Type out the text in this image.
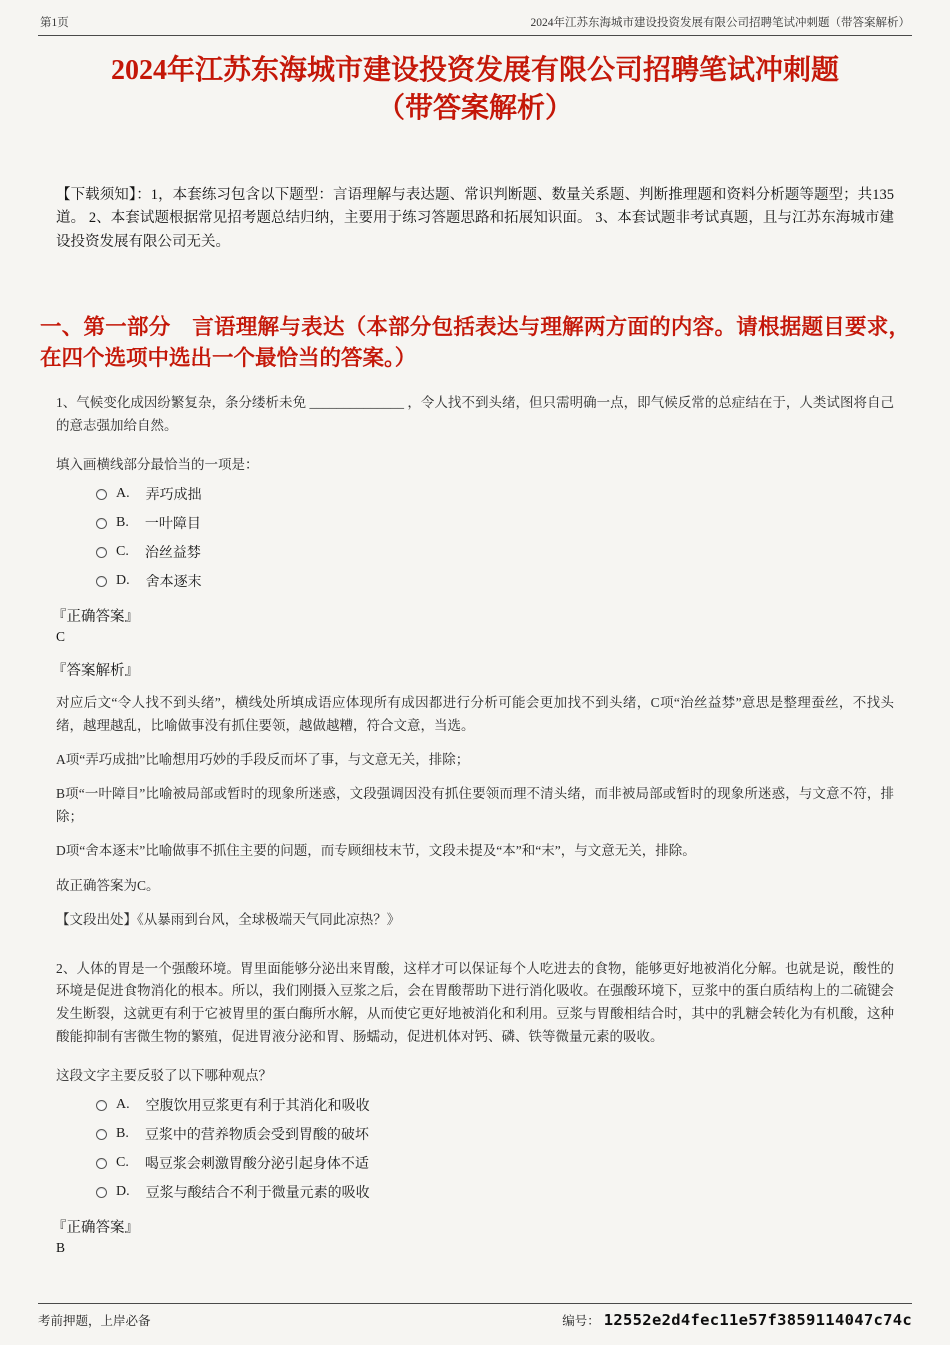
第1页	2024年江苏东海城市建设投资发展有限公司招聘笔试冲刺题（带答案解析）
2024年江苏东海城市建设投资发展有限公司招聘笔试冲刺题
（带答案解析）

【下载须知】：1，本套练习包含以下题型：言语理解与表达题、常识判断题、数量关系题、判断推理题和资料分析题等题型；共135道。 2、本套试题根据常见招考题总结归纳，主要用于练习答题思路和拓展知识面。 3、本套试题非考试真题，且与江苏东海城市建设投资发展有限公司无关。

一、第一部分　言语理解与表达（本部分包括表达与理解两方面的内容。请根据题目要求，在四个选项中选出一个最恰当的答案。）

1、气候变化成因纷繁复杂，条分缕析未免 ______________ ，令人找不到头绪，但只需明确一点，即气候反常的总症结在于，人类试图将自己的意志强加给自然。

填入画横线部分最恰当的一项是：

A. 弄巧成拙
B. 一叶障目
C. 治丝益棼
D. 舍本逐末

『正确答案』

C

『答案解析』

对应后文“令人找不到头绪”，横线处所填成语应体现所有成因都进行分析可能会更加找不到头绪，C项“治丝益棼”意思是整理蚕丝，不找头绪，越理越乱，比喻做事没有抓住要领，越做越糟，符合文意，当选。

A项“弄巧成拙”比喻想用巧妙的手段反而坏了事，与文意无关，排除；

B项“一叶障目”比喻被局部或暂时的现象所迷惑，文段强调因没有抓住要领而理不清头绪，而非被局部或暂时的现象所迷惑，与文意不符，排除；

D项“舍本逐末”比喻做事不抓住主要的问题，而专顾细枝末节，文段未提及“本”和“末”，与文意无关，排除。

故正确答案为C。

【文段出处】《从暴雨到台风，全球极端天气同此凉热？》

2、人体的胃是一个强酸环境。胃里面能够分泌出来胃酸，这样才可以保证每个人吃进去的食物，能够更好地被消化分解。也就是说，酸性的环境是促进食物消化的根本。所以，我们刚摄入豆浆之后，会在胃酸帮助下进行消化吸收。在强酸环境下，豆浆中的蛋白质结构上的二硫键会发生断裂，这就更有利于它被胃里的蛋白酶所水解，从而使它更好地被消化和利用。豆浆与胃酸相结合时，其中的乳糖会转化为有机酸，这种酸能抑制有害微生物的繁殖，促进胃液分泌和胃、肠蠕动，促进机体对钙、磷、铁等微量元素的吸收。

这段文字主要反驳了以下哪种观点？

A. 空腹饮用豆浆更有利于其消化和吸收
B. 豆浆中的营养物质会受到胃酸的破坏
C. 喝豆浆会刺激胃酸分泌引起身体不适
D. 豆浆与酸结合不利于微量元素的吸收

『正确答案』

B

考前押题，上岸必备	编号： 12552e2d4fec11e57f3859114047c74c
